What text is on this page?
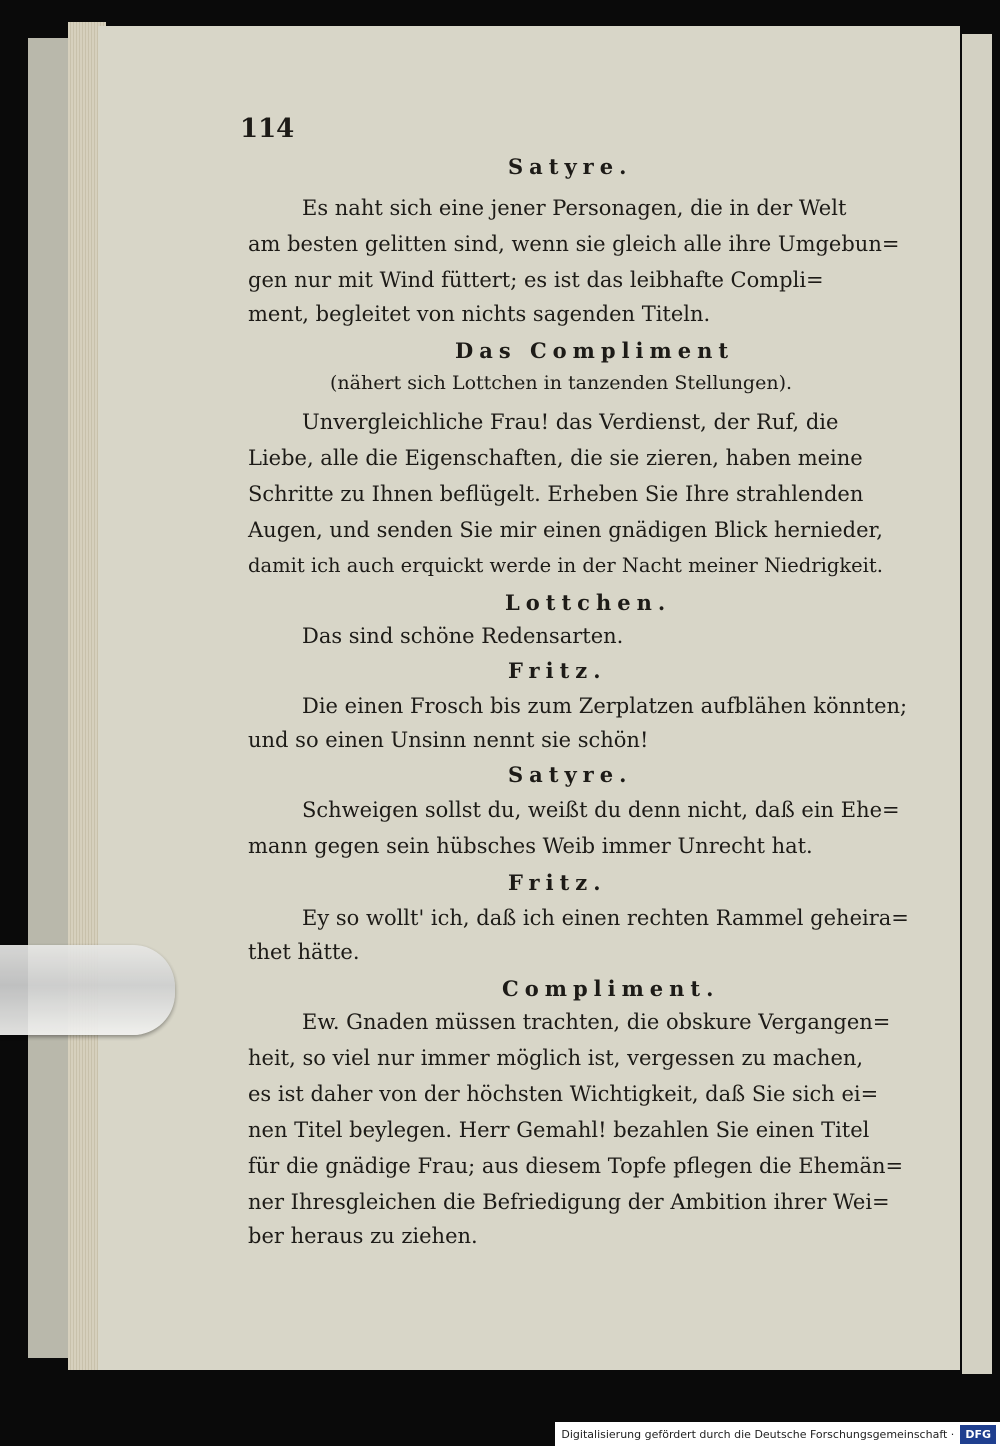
114
Satyre.
Es naht sich eine jener Personagen, die in der Welt
am besten gelitten sind, wenn sie gleich alle ihre Umgebun=
gen nur mit Wind füttert; es ist das leibhafte Compli=
ment, begleitet von nichts sagenden Titeln.
Das Compliment
(nähert sich Lottchen in tanzenden Stellungen).
Unvergleichliche Frau! das Verdienst, der Ruf, die
Liebe, alle die Eigenschaften, die sie zieren, haben meine
Schritte zu Ihnen beflügelt. Erheben Sie Ihre strahlenden
Augen, und senden Sie mir einen gnädigen Blick hernieder,
damit ich auch erquickt werde in der Nacht meiner Niedrigkeit.
Lottchen.
Das sind schöne Redensarten.
Fritz.
Die einen Frosch bis zum Zerplatzen aufblähen könnten;
und so einen Unsinn nennt sie schön!
Satyre.
Schweigen sollst du, weißt du denn nicht, daß ein Ehe=
mann gegen sein hübsches Weib immer Unrecht hat.
Fritz.
Ey so wollt' ich, daß ich einen rechten Rammel geheira=
thet hätte.
Compliment.
Ew. Gnaden müssen trachten, die obskure Vergangen=
heit, so viel nur immer möglich ist, vergessen zu machen,
es ist daher von der höchsten Wichtigkeit, daß Sie sich ei=
nen Titel beylegen. Herr Gemahl! bezahlen Sie einen Titel
für die gnädige Frau; aus diesem Topfe pflegen die Ehemän=
ner Ihresgleichen die Befriedigung der Ambition ihrer Wei=
ber heraus zu ziehen.
Digitalisierung gefördert durch die Deutsche Forschungsgemeinschaft ·	DFG
